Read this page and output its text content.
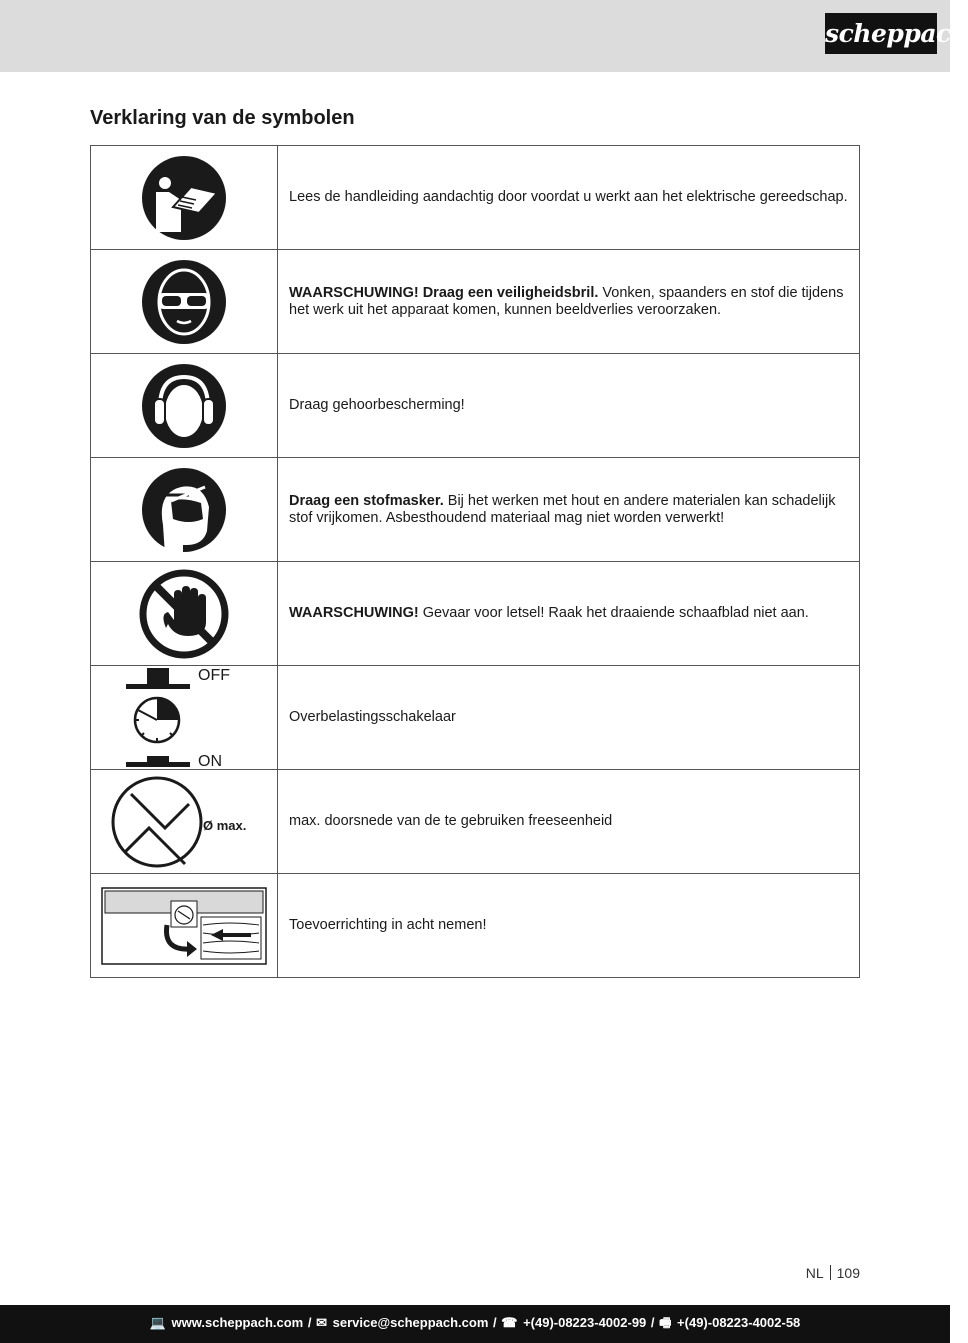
scheppach
Verklaring van de symbolen
	Lees de handleiding aandachtig door voordat u werkt aan het elektrische gereedschap.

	WAARSCHUWING! Draag een veiligheidsbril. Vonken, spaanders en stof die tijdens het werk uit het apparaat komen, kunnen beeldverlies veroorzaken.

	Draag gehoorbescherming!

	Draag een stofmasker. Bij het werken met hout en andere materialen kan schadelijk stof vrijkomen. Asbesthoudend materiaal mag niet worden verwerkt!

	WAARSCHUWING! Gevaar voor letsel! Raak het draaiende schaafblad niet aan.

OFF
ON	Overbelastingsschakelaar

Ø max.	max. doorsnede van de te gebruiken freeseenheid

	Toevoerrichting in acht nemen!
NL 109
💻 www.scheppach.com / ✉ service@scheppach.com / ☎ +(49)-08223-4002-99 / 🖷 +(49)-08223-4002-58
